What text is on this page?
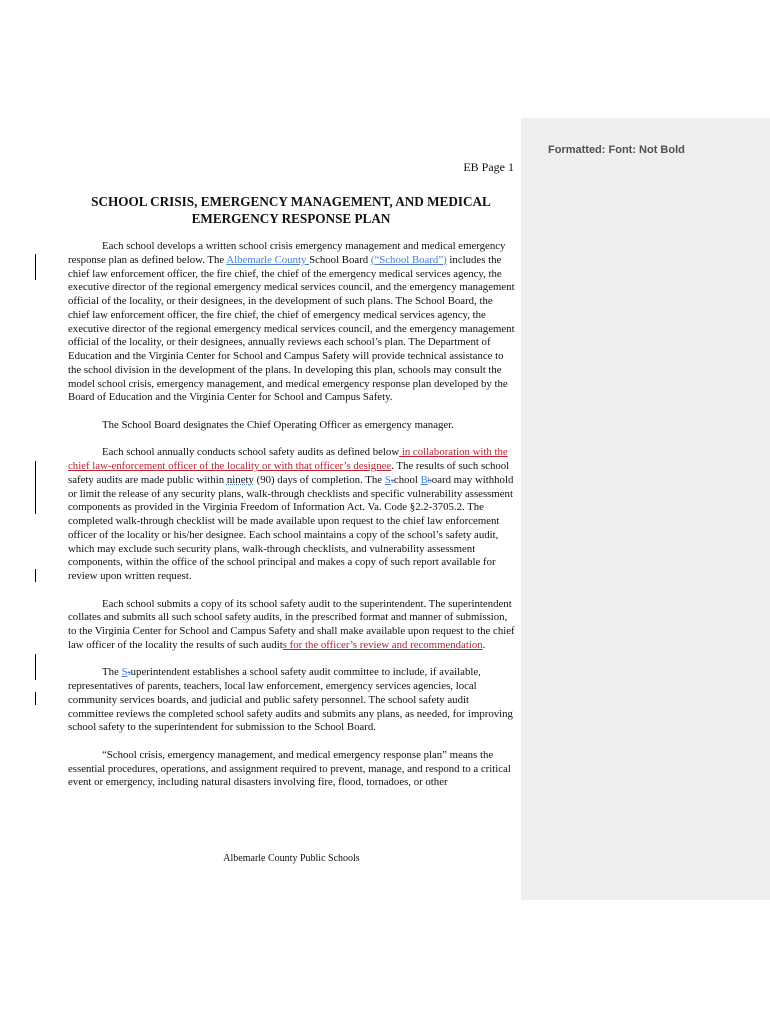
Formatted: Font: Not Bold
EB Page 1
SCHOOL CRISIS, EMERGENCY MANAGEMENT, AND MEDICAL
EMERGENCY RESPONSE PLAN

Each school develops a written school crisis emergency management and medical emergency response plan as defined below. The Albemarle County School Board (“School Board”) includes the chief law enforcement officer, the fire chief, the chief of the emergency medical services agency, the executive director of the regional emergency medical services council, and the emergency management official of the locality, or their designees, in the development of such plans. The School Board, the chief law enforcement officer, the fire chief, the chief of emergency medical services agency, the executive director of the regional emergency medical services council, and the emergency management official of the locality, or their designees, annually reviews each school’s plan. The Department of Education and the Virginia Center for School and Campus Safety will provide technical assistance to the school division in the development of the plans. In developing this plan, schools may consult the model school crisis, emergency management, and medical emergency response plan developed by the Board of Education and the Virginia Center for School and Campus Safety.

The School Board designates the Chief Operating Officer as emergency manager.

Each school annually conducts school safety audits as defined below in collaboration with the chief law-enforcement officer of the locality or with that officer’s designee. The results of such school safety audits are made public within ninety (90) days of completion. The Sschool Bboard may withhold or limit the release of any security plans, walk-through checklists and specific vulnerability assessment components as provided in the Virginia Freedom of Information Act. Va. Code §2.2-3705.2. The completed walk-through checklist will be made available upon request to the chief law enforcement officer of the locality or his/her designee. Each school maintains a copy of the school’s safety audit, which may exclude such security plans, walk-through checklists, and vulnerability assessment components, within the office of the school principal and makes a copy of such report available for review upon written request.

Each school submits a copy of its school safety audit to the superintendent. The superintendent collates and submits all such school safety audits, in the prescribed format and manner of submission, to the Virginia Center for School and Campus Safety and shall make available upon request to the chief law officer of the locality the results of such audits for the officer’s review and recommendation.

The Ssuperintendent establishes a school safety audit committee to include, if available, representatives of parents, teachers, local law enforcement, emergency services agencies, local community services boards, and judicial and public safety personnel. The school safety audit committee reviews the completed school safety audits and submits any plans, as needed, for improving school safety to the superintendent for submission to the School Board.

“School crisis, emergency management, and medical emergency response plan” means the essential procedures, operations, and assignment required to prevent, manage, and respond to a critical event or emergency, including natural disasters involving fire, flood, tornadoes, or other

Albemarle County Public Schools
